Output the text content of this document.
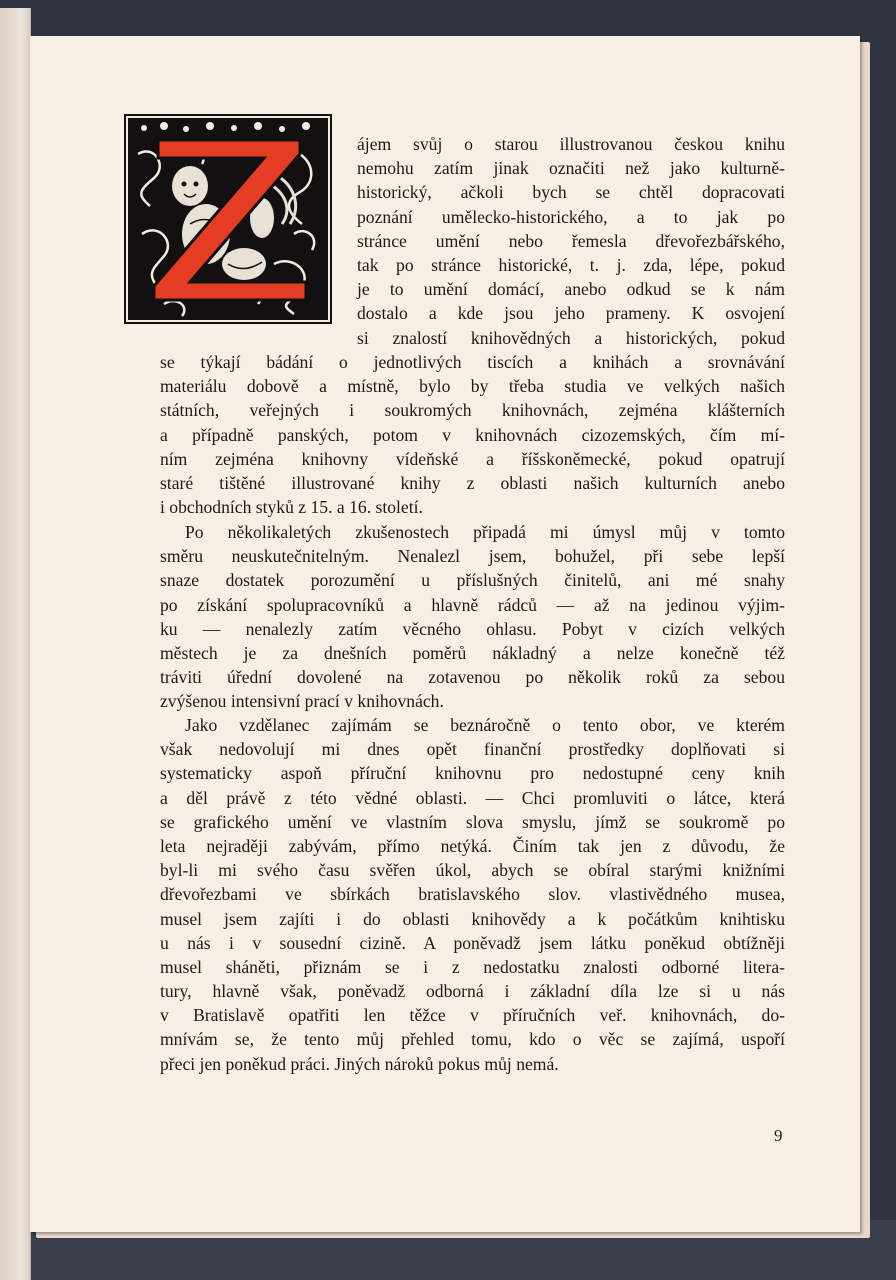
ájem svůj o starou illustrovanou českou knihu
nemohu zatím jinak označiti než jako kulturně-
historický, ačkoli bych se chtěl dopracovati
poznání umělecko-historického, a to jak po
stránce umění nebo řemesla dřevořezbářského,
tak po stránce historické, t. j. zda, lépe, pokud
je to umění domácí, anebo odkud se k nám
dostalo a kde jsou jeho prameny. K osvojení
si znalostí knihovědných a historických, pokud
se týkají bádání o jednotlivých tiscích a knihách a srovnávání
materiálu dobově a místně, bylo by třeba studia ve velkých našich
státních, veřejných i soukromých knihovnách, zejména klášterních
a případně panských, potom v knihovnách cizozemských, čím mí-
ním zejména knihovny vídeňské a říšskoněmecké, pokud opatrují
staré tištěné illustrované knihy z oblasti našich kulturních anebo
i obchodních styků z 15. a 16. století.
Po několikaletých zkušenostech připadá mi úmysl můj v tomto
směru neuskutečnitelným. Nenalezl jsem, bohužel, při sebe lepší
snaze dostatek porozumění u příslušných činitelů, ani mé snahy
po získání spolupracovníků a hlavně rádců — až na jedinou výjim-
ku — nenalezly zatím věcného ohlasu. Pobyt v cizích velkých
městech je za dnešních poměrů nákladný a nelze konečně též
tráviti úřední dovolené na zotavenou po několik roků za sebou
zvýšenou intensivní prací v knihovnách.
Jako vzdělanec zajímám se beznáročně o tento obor, ve kterém
však nedovolují mi dnes opět finanční prostředky doplňovati si
systematicky aspoň příruční knihovnu pro nedostupné ceny knih
a děl právě z této vědné oblasti. — Chci promluviti o látce, která
se grafického umění ve vlastním slova smyslu, jímž se soukromě po
leta nejraději zabývám, přímo netýká. Činím tak jen z důvodu, že
byl-li mi svého času svěřen úkol, abych se obíral starými knižními
dřevořezbami ve sbírkách bratislavského slov. vlastivědného musea,
musel jsem zajíti i do oblasti knihovědy a k počátkům knihtisku
u nás i v sousední cizině. A poněvadž jsem látku poněkud obtížněji
musel sháněti, přiznám se i z nedostatku znalosti odborné litera-
tury, hlavně však, poněvadž odborná i základní díla lze si u nás
v Bratislavě opatřiti len těžce v příručních veř. knihovnách, do-
mnívám se, že tento můj přehled tomu, kdo o věc se zajímá, uspoří
přeci jen poněkud práci. Jiných nároků pokus můj nemá.
9
